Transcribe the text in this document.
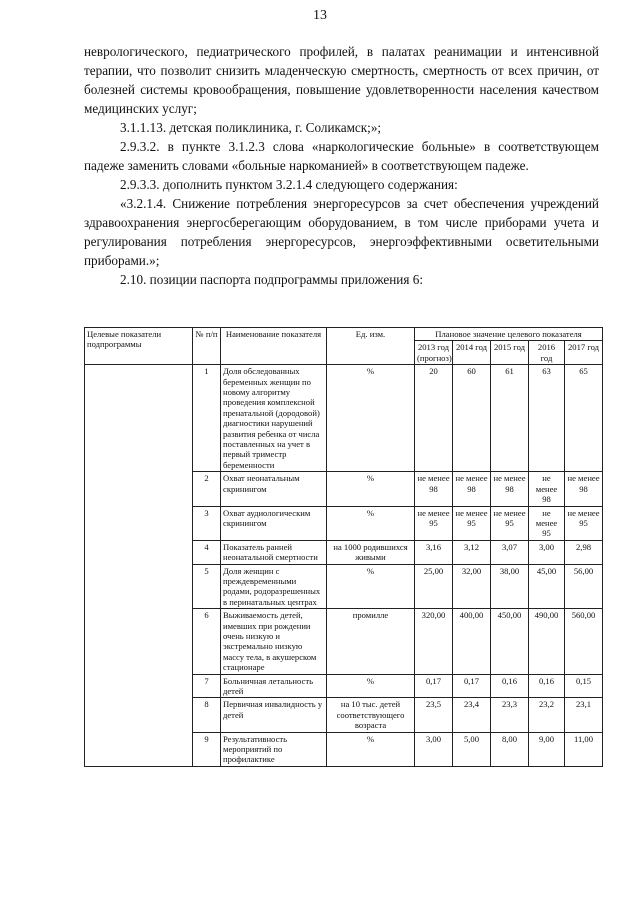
13

неврологического, педиатрического профилей, в палатах реанимации и интенсивной терапии, что позволит снизить младенческую смертность, смертность от всех причин, от болезней системы кровообращения, повышение удовлетворенности населения качеством медицинских услуг;

3.1.1.13. детская поликлиника, г. Соликамск;»;

2.9.3.2. в пункте 3.1.2.3 слова «наркологические больные» в соответствующем падеже заменить словами «больные наркоманией» в соответствующем падеже.

2.9.3.3. дополнить пунктом 3.2.1.4 следующего содержания:

«3.2.1.4. Снижение потребления энергоресурсов за счет обеспечения учреждений здравоохранения энергосберегающим оборудованием, в том числе приборами учета и регулирования потребления энергоресурсов, энергоэффективными осветительными приборами.»;

2.10. позиции паспорта подпрограммы приложения 6:

Целевые показатели подпрограммы	№ п/п	Наименование показателя	Ед. изм.	Плановое значение целевого показателя				
				2013 год (прогноз)	2014 год	2015 год	2016 год	2017 год
	1	Доля обследованных беременных женщин по новому алгоритму проведения комплексной пренатальной (дородовой) диагностики нарушений развития ребенка от числа поставленных на учет в первый триместр беременности	%	20	60	61	63	65
	2	Охват неонатальным скринингом	%	не менее 98	не менее 98	не менее 98	не менее 98	не менее 98
	3	Охват аудиологическим скринингом	%	не менее 95	не менее 95	не менее 95	не менее 95	не менее 95
	4	Показатель ранней неонатальной смертности	на 1000 родившихся живыми	3,16	3,12	3,07	3,00	2,98
	5	Доля женщин с преждевременными родами, родоразрешенных в перинатальных центрах	%	25,00	32,00	38,00	45,00	56,00
	6	Выживаемость детей, имевших при рождении очень низкую и экстремально низкую массу тела, в акушерском стационаре	промилле	320,00	400,00	450,00	490,00	560,00
	7	Больничная летальность детей	%	0,17	0,17	0,16	0,16	0,15
	8	Первичная инвалидность у детей	на 10 тыс. детей соответствующего возраста	23,5	23,4	23,3	23,2	23,1
	9	Результативность мероприятий по профилактике	%	3,00	5,00	8,00	9,00	11,00
